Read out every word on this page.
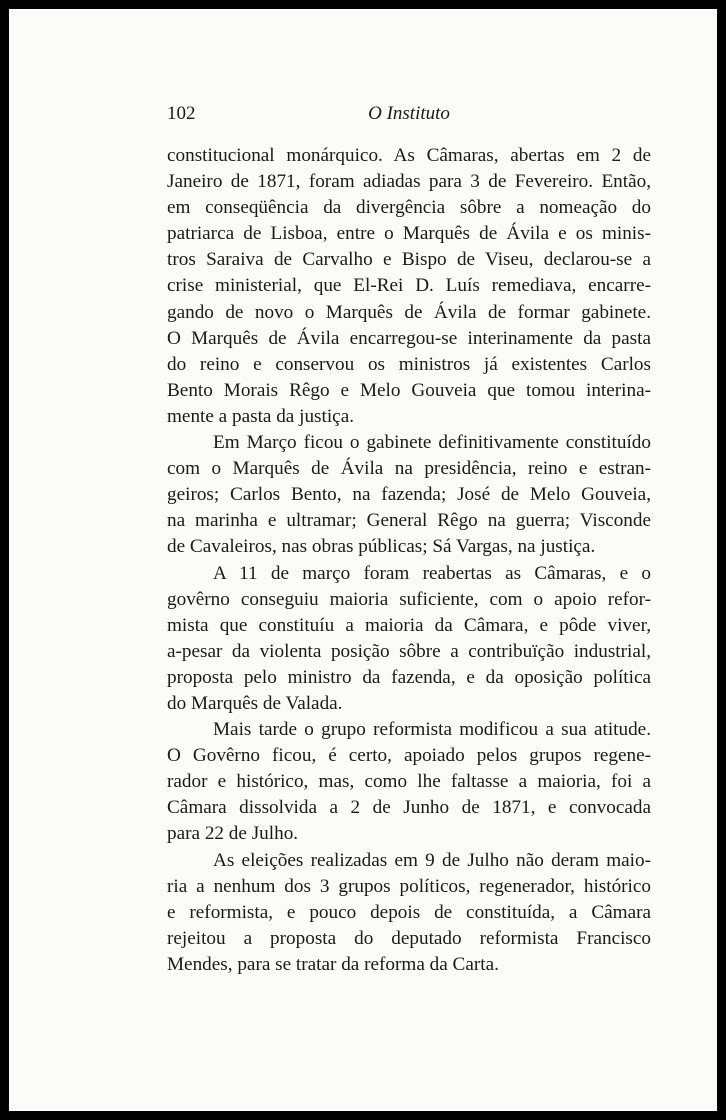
102	O Instituto
constitucional monárquico. As Câmaras, abertas em 2 de
Janeiro de 1871, foram adiadas para 3 de Fevereiro. Então,
em conseqüência da divergência sôbre a nomeação do
patriarca de Lisboa, entre o Marquês de Ávila e os minis-
tros Saraiva de Carvalho e Bispo de Viseu, declarou-se a
crise ministerial, que El-Rei D. Luís remediava, encarre-
gando de novo o Marquês de Ávila de formar gabinete.
O Marquês de Ávila encarregou-se interinamente da pasta
do reino e conservou os ministros já existentes Carlos
Bento Morais Rêgo e Melo Gouveia que tomou interina-
mente a pasta da justiça.
Em Março ficou o gabinete definitivamente constituído
com o Marquês de Ávila na presidência, reino e estran-
geiros; Carlos Bento, na fazenda; José de Melo Gouveia,
na marinha e ultramar; General Rêgo na guerra; Visconde
de Cavaleiros, nas obras públicas; Sá Vargas, na justiça.
A 11 de março foram reabertas as Câmaras, e o
govêrno conseguiu maioria suficiente, com o apoio refor-
mista que constituíu a maioria da Câmara, e pôde viver,
a-pesar da violenta posição sôbre a contribuïção industrial,
proposta pelo ministro da fazenda, e da oposição política
do Marquês de Valada.
Mais tarde o grupo reformista modificou a sua atitude.
O Govêrno ficou, é certo, apoiado pelos grupos regene-
rador e histórico, mas, como lhe faltasse a maioria, foi a
Câmara dissolvida a 2 de Junho de 1871, e convocada
para 22 de Julho.
As eleições realizadas em 9 de Julho não deram maio-
ria a nenhum dos 3 grupos políticos, regenerador, histórico
e reformista, e pouco depois de constituída, a Câmara
rejeitou a proposta do deputado reformista Francisco
Mendes, para se tratar da reforma da Carta.
